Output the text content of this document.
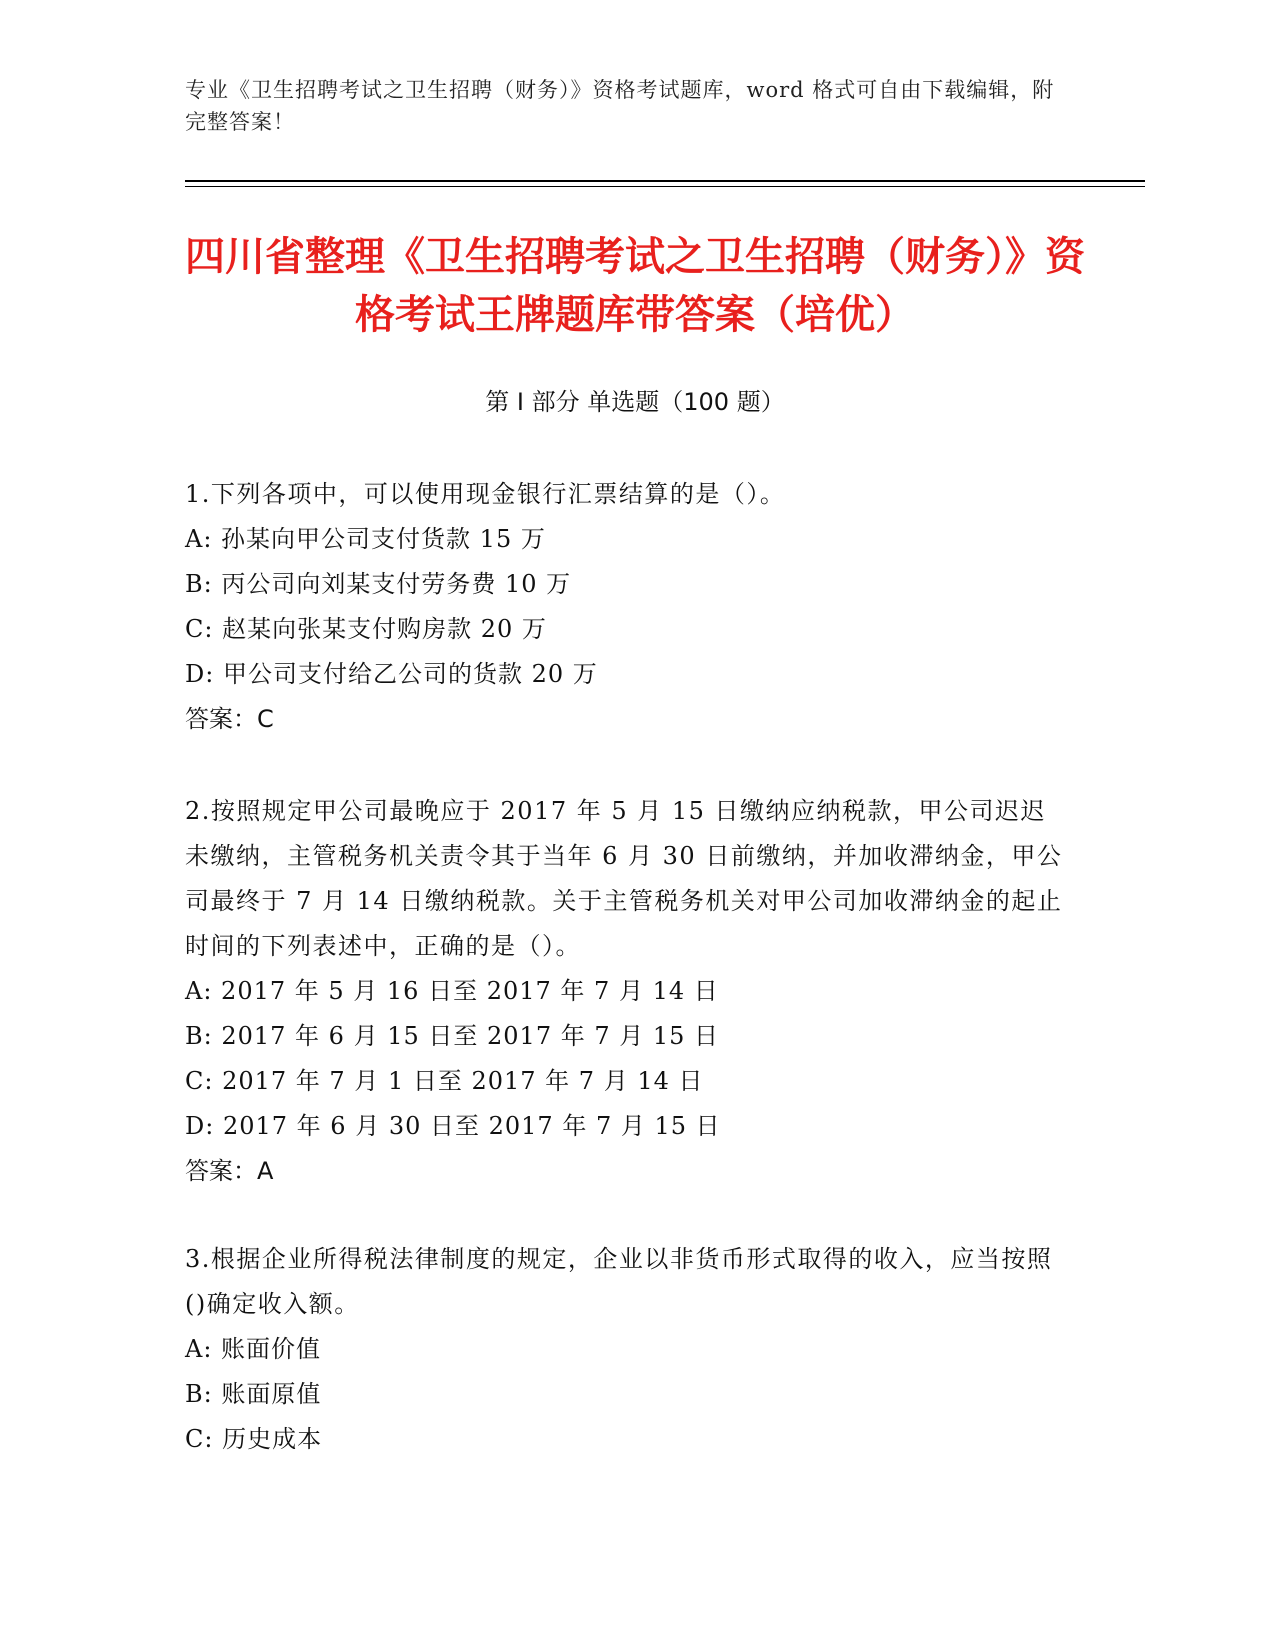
专业《卫生招聘考试之卫生招聘（财务）》资格考试题库，word 格式可自由下载编辑，附完整答案！
四川省整理《卫生招聘考试之卫生招聘（财务）》资格考试王牌题库带答案（培优）
第 I 部分 单选题（100 题）
1.下列各项中，可以使用现金银行汇票结算的是（）。
A: 孙某向甲公司支付货款 15 万
B: 丙公司向刘某支付劳务费 10 万
C: 赵某向张某支付购房款 20 万
D: 甲公司支付给乙公司的货款 20 万
答案：C
2.按照规定甲公司最晚应于 2017 年 5 月 15 日缴纳应纳税款，甲公司迟迟未缴纳，主管税务机关责令其于当年 6 月 30 日前缴纳，并加收滞纳金，甲公司最终于 7 月 14 日缴纳税款。关于主管税务机关对甲公司加收滞纳金的起止时间的下列表述中，正确的是（）。
A: 2017 年 5 月 16 日至 2017 年 7 月 14 日
B: 2017 年 6 月 15 日至 2017 年 7 月 15 日
C: 2017 年 7 月 1 日至 2017 年 7 月 14 日
D: 2017 年 6 月 30 日至 2017 年 7 月 15 日
答案：A
3.根据企业所得税法律制度的规定，企业以非货币形式取得的收入，应当按照()确定收入额。
A: 账面价值
B: 账面原值
C: 历史成本
